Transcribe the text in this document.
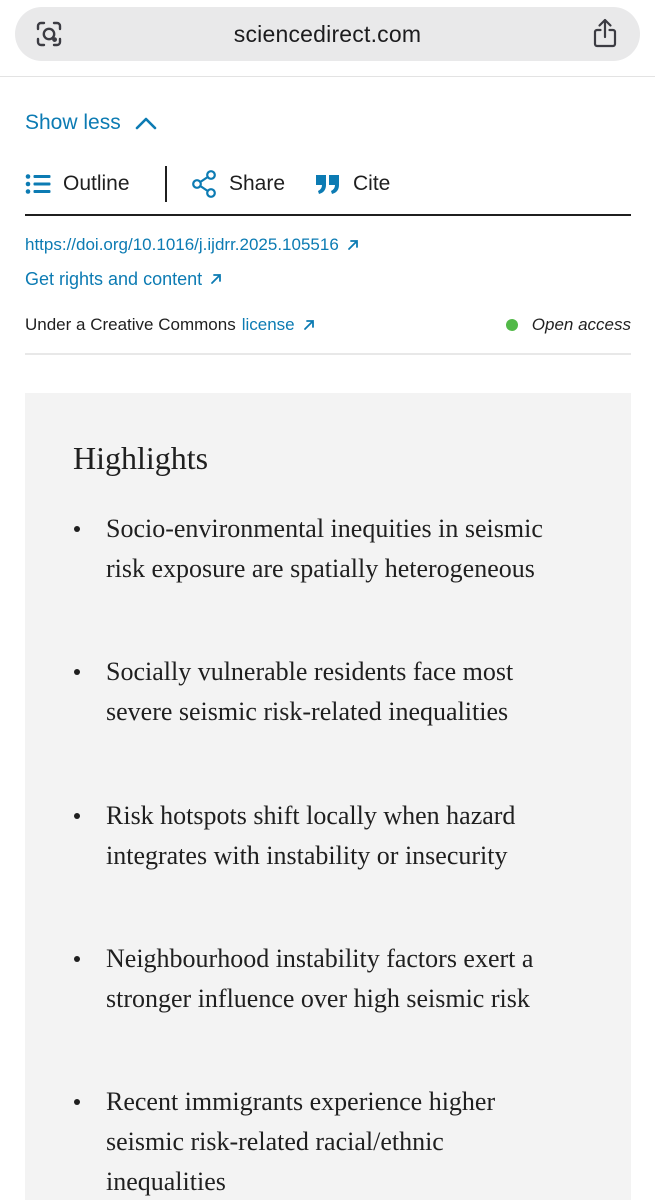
sciencedirect.com
Show less
Outline	Share	Cite
https://doi.org/10.1016/j.ijdrr.2025.105516
Get rights and content
Under a Creative Commons license	Open access
Highlights
Socio-environmental inequities in seismic risk exposure are spatially heterogeneous
Socially vulnerable residents face most severe seismic risk-related inequalities
Risk hotspots shift locally when hazard integrates with instability or insecurity
Neighbourhood instability factors exert a stronger influence over high seismic risk
Recent immigrants experience higher seismic risk-related racial/ethnic inequalities
